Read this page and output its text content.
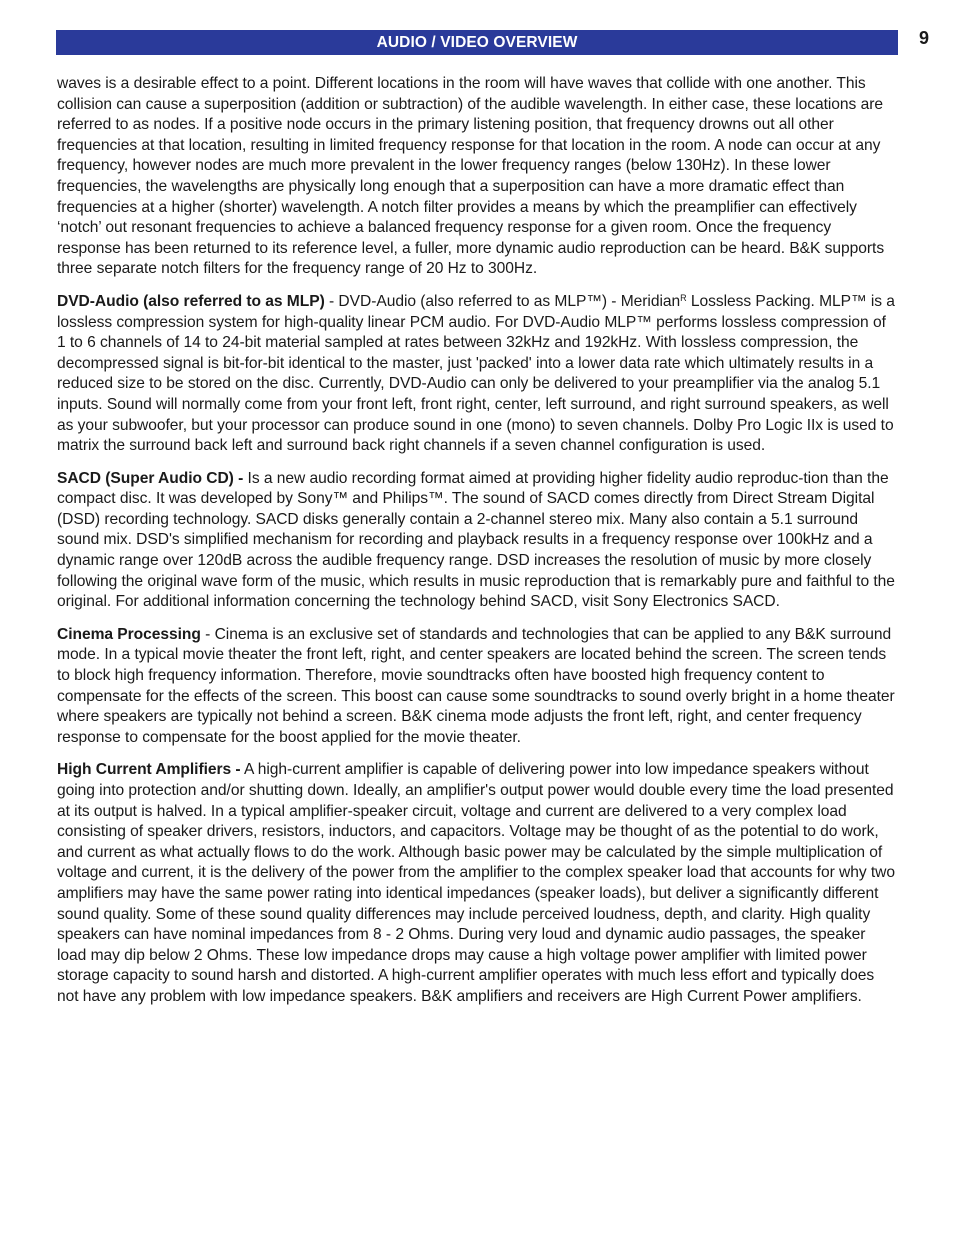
AUDIO / VIDEO OVERVIEW	9

waves is a desirable effect to a point. Different locations in the room will have waves that collide with one another. This collision can cause a superposition (addition or subtraction) of the audible wavelength. In either case, these locations are referred to as nodes. If a positive node occurs in the primary listening position, that frequency drowns out all other frequencies at that location, resulting in limited frequency response for that location in the room. A node can occur at any frequency, however nodes are much more prevalent in the lower frequency ranges (below 130Hz). In these lower frequencies, the wavelengths are physically long enough that a superposition can have a more dramatic effect than frequencies at a higher (shorter) wavelength. A notch filter provides a means by which the preamplifier can effectively ‘notch’ out resonant frequencies to achieve a balanced frequency response for a given room. Once the frequency response has been returned to its reference level, a fuller, more dynamic audio reproduction can be heard. B&K supports three separate notch filters for the frequency range of 20 Hz to 300Hz.

DVD-Audio (also referred to as MLP) - DVD-Audio (also referred to as MLP™) - Meridian$^R$ Lossless Packing. MLP™ is a lossless compression system for high-quality linear PCM audio. For DVD-Audio MLP™ performs lossless compression of 1 to 6 channels of 14 to 24-bit material sampled at rates between 32kHz and 192kHz. With lossless compression, the decompressed signal is bit-for-bit identical to the master, just 'packed' into a lower data rate which ultimately results in a reduced size to be stored on the disc. Currently, DVD-Audio can only be delivered to your preamplifier via the analog 5.1 inputs. Sound will normally come from your front left, front right, center, left surround, and right surround speakers, as well as your subwoofer, but your processor can produce sound in one (mono) to seven channels. Dolby Pro Logic IIx is used to matrix the surround back left and surround back right channels if a seven channel configuration is used.

SACD (Super Audio CD) - Is a new audio recording format aimed at providing higher fidelity audio reproduc-tion than the compact disc. It was developed by Sony™ and Philips™. The sound of SACD comes directly from Direct Stream Digital (DSD) recording technology. SACD disks generally contain a 2-channel stereo mix. Many also contain a 5.1 surround sound mix. DSD's simplified mechanism for recording and playback results in a frequency response over 100kHz and a dynamic range over 120dB across the audible frequency range. DSD increases the resolution of music by more closely following the original wave form of the music, which results in music reproduction that is remarkably pure and faithful to the original. For additional information concerning the technology behind SACD, visit Sony Electronics SACD.

Cinema Processing - Cinema is an exclusive set of standards and technologies that can be applied to any B&K surround mode. In a typical movie theater the front left, right, and center speakers are located behind the screen. The screen tends to block high frequency information. Therefore, movie soundtracks often have boosted high frequency content to compensate for the effects of the screen. This boost can cause some soundtracks to sound overly bright in a home theater where speakers are typically not behind a screen. B&K cinema mode adjusts the front left, right, and center frequency response to compensate for the boost applied for the movie theater.

High Current Amplifiers - A high-current amplifier is capable of delivering power into low impedance speakers without going into protection and/or shutting down. Ideally, an amplifier's output power would double every time the load presented at its output is halved. In a typical amplifier-speaker circuit, voltage and current are delivered to a very complex load consisting of speaker drivers, resistors, inductors, and capacitors. Voltage may be thought of as the potential to do work, and current as what actually flows to do the work. Although basic power may be calculated by the simple multiplication of voltage and current, it is the delivery of the power from the amplifier to the complex speaker load that accounts for why two amplifiers may have the same power rating into identical impedances (speaker loads), but deliver a significantly different sound quality. Some of these sound quality differences may include perceived loudness, depth, and clarity. High quality speakers can have nominal impedances from 8 - 2 Ohms. During very loud and dynamic audio passages, the speaker load may dip below 2 Ohms. These low impedance drops may cause a high voltage power amplifier with limited power storage capacity to sound harsh and distorted. A high-current amplifier operates with much less effort and typically does not have any problem with low impedance speakers. B&K amplifiers and receivers are High Current Power amplifiers.
